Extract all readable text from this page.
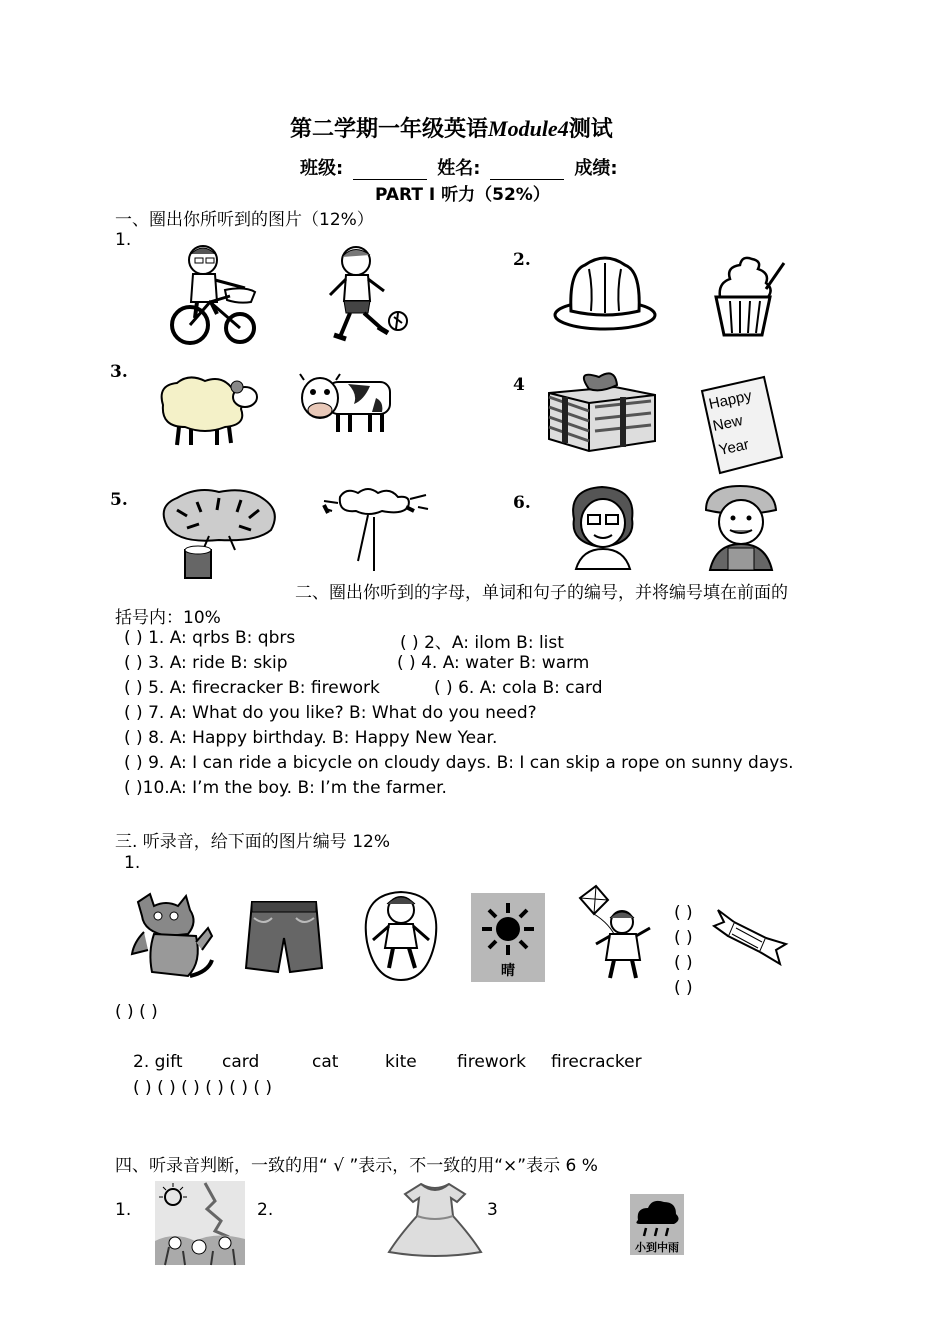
第二学期一年级英语Module4测试
班级:	姓名:	成绩:
PART Ⅰ 听力（52%）
一、圈出你所听到的图片（12%）
1.
2.
3.
4
5.	6.
Happy
New
Year
二、圈出你听到的字母，单词和句子的编号，并将编号填在前面的
括号内：10%
( ) 1. A: qrbs B: qbrs	( ) 2、A: ilom B: list
( ) 3. A: ride B: skip	( ) 4. A: water B: warm
( ) 5. A: firecracker B: firework	( ) 6. A: cola B: card
( ) 7. A: What do you like? B: What do you need?
( ) 8. A: Happy birthday. B: Happy New Year.
( ) 9. A: I can ride a bicycle on cloudy days. B: I can skip a rope on sunny days.
( )10.A: I’m the boy. B: I’m the farmer.
三. 听录音，给下面的图片编号 12%
1.
晴
( )
( )
( )
( )
( ) ( )
2. gift card	cat	kite firework firecracker
( ) ( ) ( ) ( ) ( ) ( )
四、听录音判断，一致的用“ √ ”表示，不一致的用“×”表示 6 %
1.	2.	3
小到中雨
